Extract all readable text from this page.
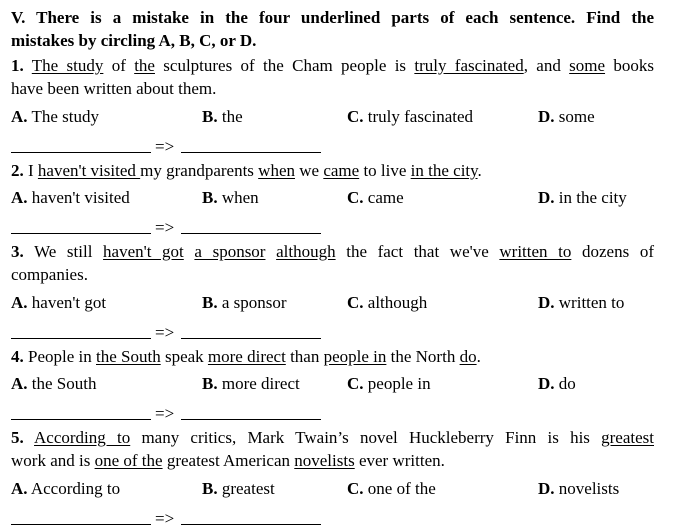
V. There is a mistake in the four underlined parts of each sentence. Find the
mistakes by circling A, B, C, or D.
1. The study of the sculptures of the Cham people is truly fascinated, and some books
have been written about them.
A. The study	B. the	C. truly fascinated	D. some
=>
2. I haven't visited my grandparents when we came to live in the city.
A. haven't visited	B. when	C. came	D. in the city
=>
3. We still haven't got a sponsor although the fact that we've written to dozens of
companies.
A. haven't got	B. a sponsor	C. although	D. written to
=>
4. People in the South speak more direct than people in the North do.
A. the South	B. more direct	C. people in	D. do
=>
5. According to many critics, Mark Twain’s novel Huckleberry Finn is his greatest
work and is one of the greatest American novelists ever written.
A. According to	B. greatest	C. one of the	D. novelists
=>
